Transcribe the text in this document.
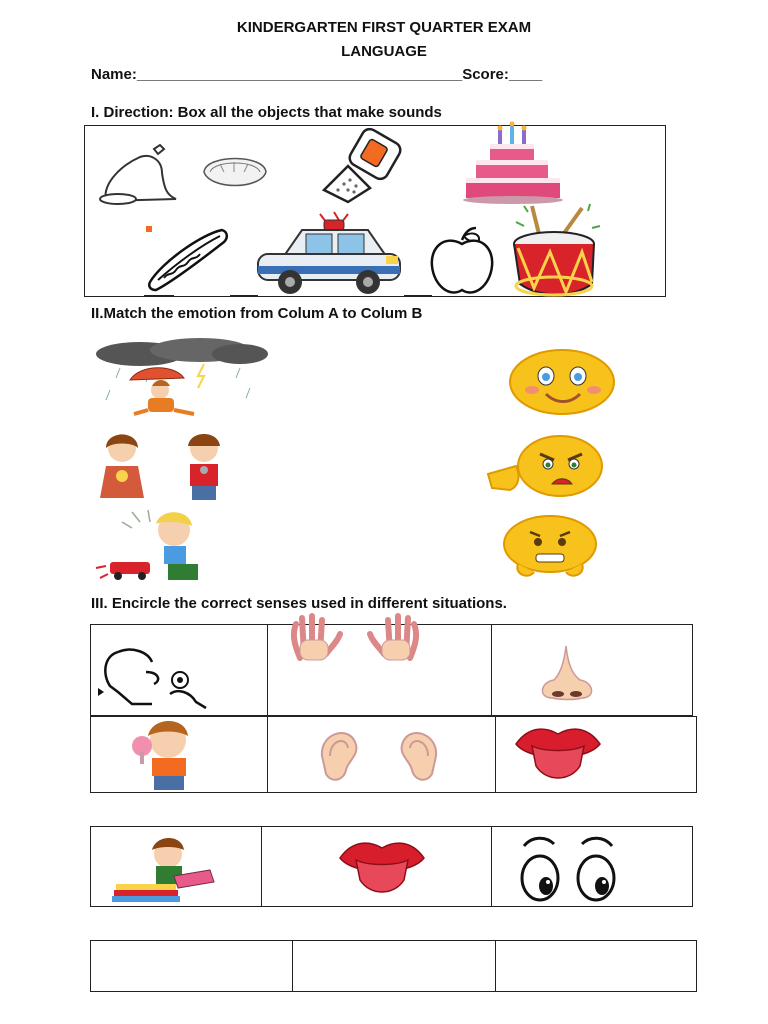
KINDERGARTEN FIRST QUARTER EXAM
LANGUAGE
Name:_______________________________________Score:____
I. Direction: Box all the objects that make sounds
II.Match the emotion from Colum A to Colum B
III. Encircle the correct senses used in different situations.
